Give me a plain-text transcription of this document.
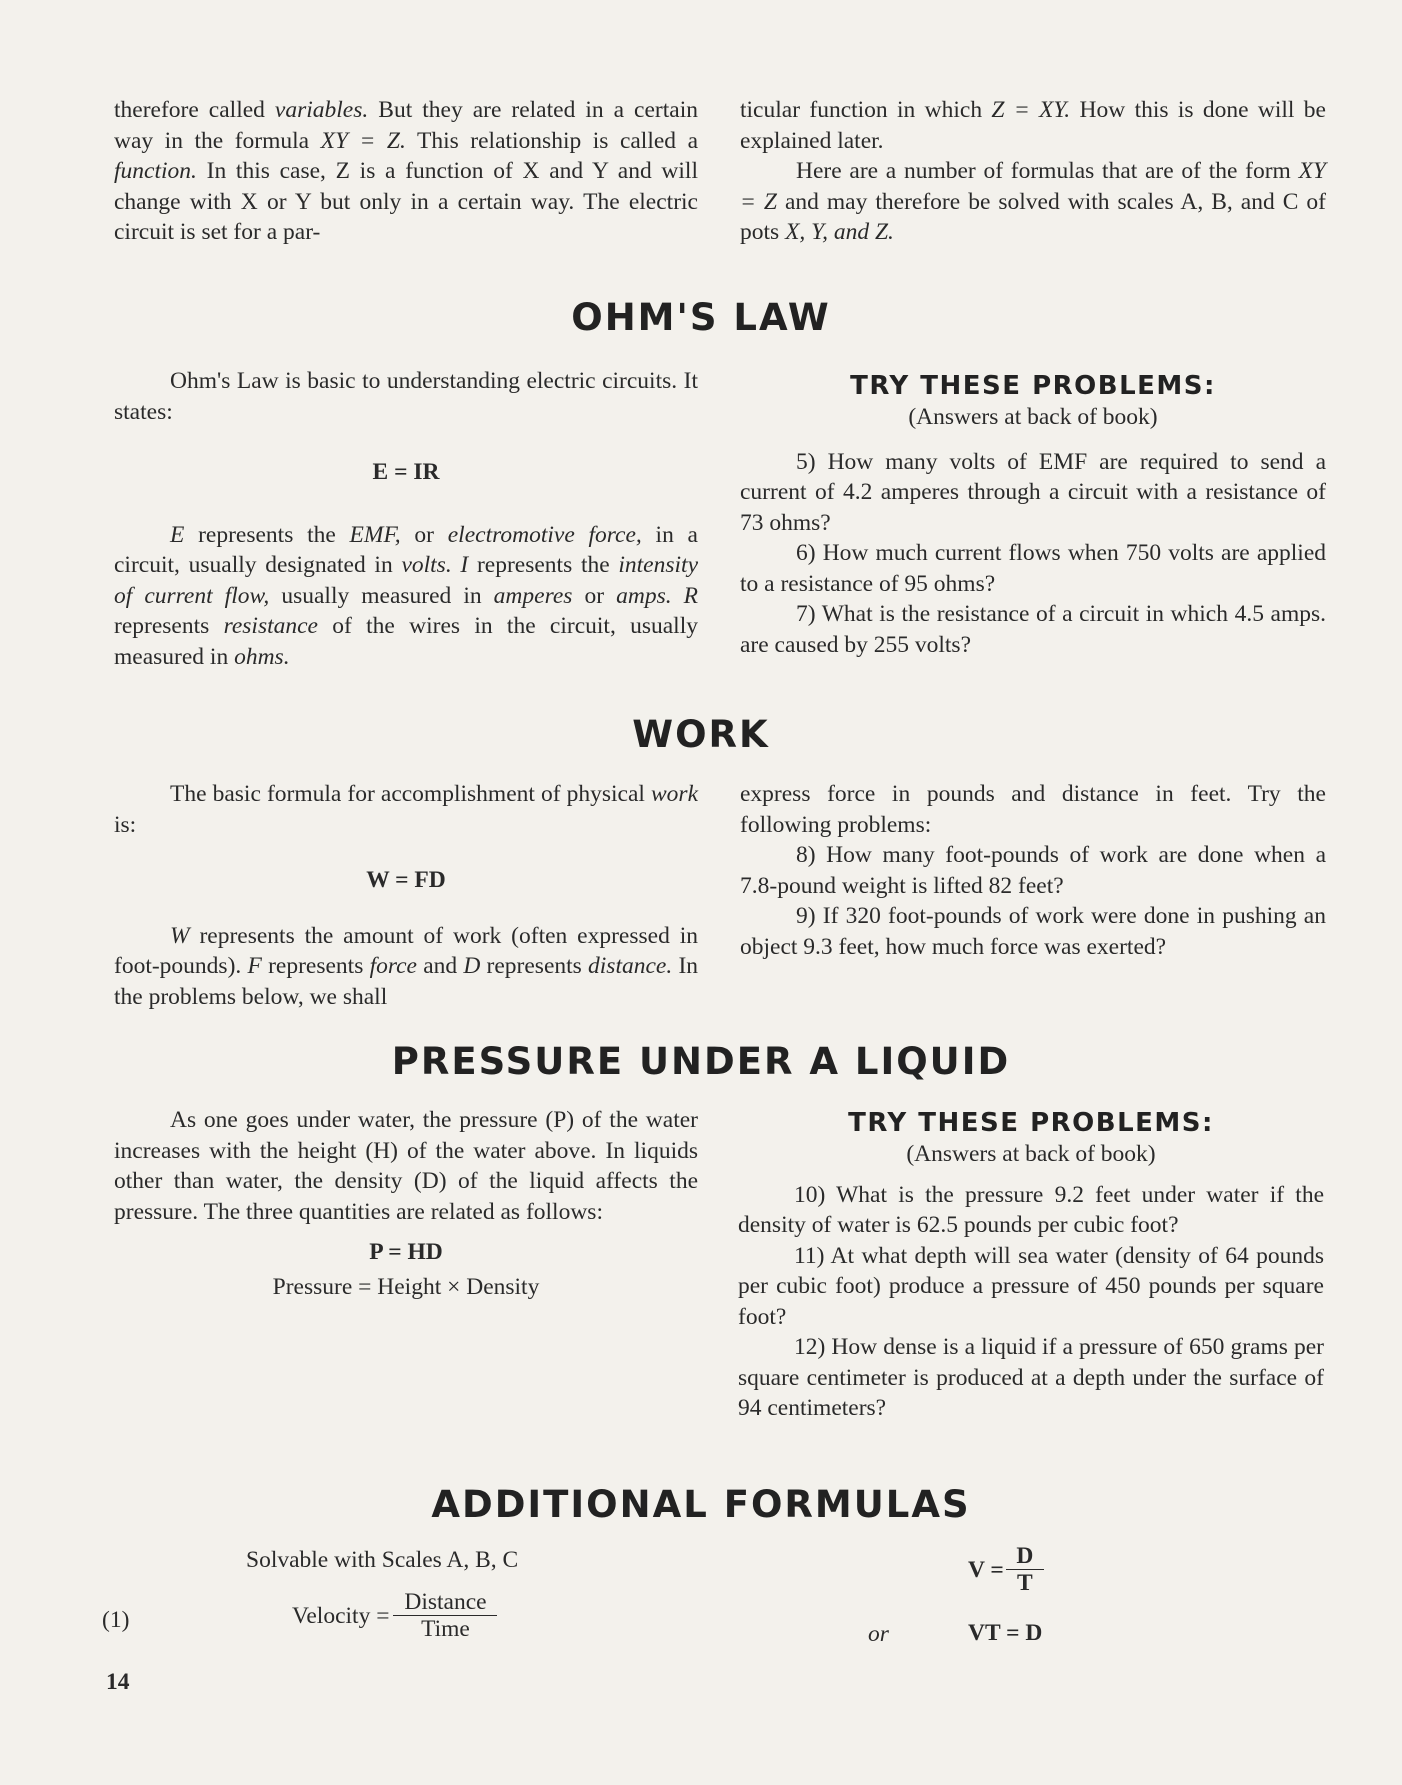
therefore called variables. But they are related in a certain way in the formula XY = Z. This relationship is called a function. In this case, Z is a function of X and Y and will change with X or Y but only in a certain way. The electric circuit is set for a par-

ticular function in which Z = XY. How this is done will be explained later.

Here are a number of formulas that are of the form XY = Z and may therefore be solved with scales A, B, and C of pots X, Y, and Z.

OHM'S LAW

Ohm's Law is basic to understanding electric circuits. It states:

E = IR

E represents the EMF, or electromotive force, in a circuit, usually designated in volts. I represents the intensity of current flow, usually measured in amperes or amps. R represents resistance of the wires in the circuit, usually measured in ohms.

TRY THESE PROBLEMS:

(Answers at back of book)

5) How many volts of EMF are required to send a current of 4.2 amperes through a circuit with a resistance of 73 ohms?

6) How much current flows when 750 volts are applied to a resistance of 95 ohms?

7) What is the resistance of a circuit in which 4.5 amps. are caused by 255 volts?

WORK

The basic formula for accomplishment of physical work is:

W = FD

W represents the amount of work (often expressed in foot-pounds). F represents force and D represents distance. In the problems below, we shall

express force in pounds and distance in feet. Try the following problems:

8) How many foot-pounds of work are done when a 7.8-pound weight is lifted 82 feet?

9) If 320 foot-pounds of work were done in pushing an object 9.3 feet, how much force was exerted?

PRESSURE UNDER A LIQUID

As one goes under water, the pressure (P) of the water increases with the height (H) of the water above. In liquids other than water, the density (D) of the liquid affects the pressure. The three quantities are related as follows:

P = HD

Pressure = Height × Density

TRY THESE PROBLEMS:

(Answers at back of book)

10) What is the pressure 9.2 feet under water if the density of water is 62.5 pounds per cubic foot?

11) At what depth will sea water (density of 64 pounds per cubic foot) produce a pressure of 450 pounds per square foot?

12) How dense is a liquid if a pressure of 650 grams per square centimeter is produced at a depth under the surface of 94 centimeters?

ADDITIONAL FORMULAS
Solvable with Scales A, B, C
(1)	Velocity = $\frac{\text{Distance}}{\text{Time}}$
$V = \frac{D}{T}$
or	VT = D
14
